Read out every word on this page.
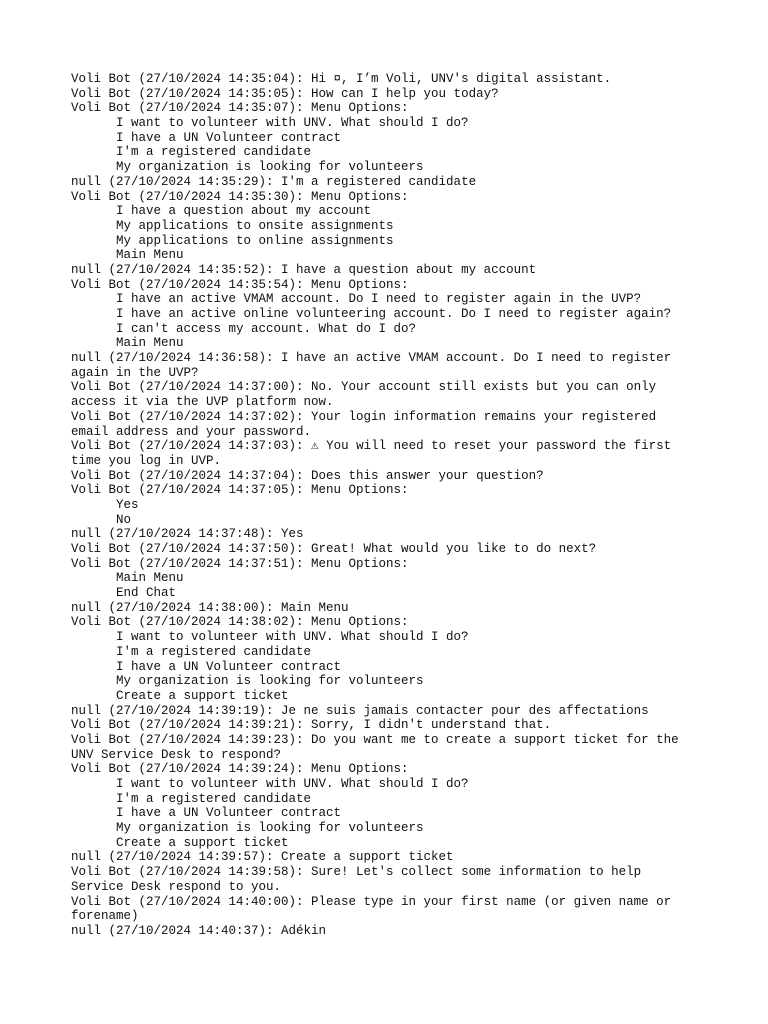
Voli Bot (27/10/2024 14:35:04): Hi ¤, I’m Voli, UNV's digital assistant.
Voli Bot (27/10/2024 14:35:05): How can I help you today?
Voli Bot (27/10/2024 14:35:07): Menu Options:
I want to volunteer with UNV. What should I do?
I have a UN Volunteer contract
I'm a registered candidate
My organization is looking for volunteers
null (27/10/2024 14:35:29): I'm a registered candidate
Voli Bot (27/10/2024 14:35:30): Menu Options:
I have a question about my account
My applications to onsite assignments
My applications to online assignments
Main Menu
null (27/10/2024 14:35:52): I have a question about my account
Voli Bot (27/10/2024 14:35:54): Menu Options:
I have an active VMAM account. Do I need to register again in the UVP?
I have an active online volunteering account. Do I need to register again?
I can't access my account. What do I do?
Main Menu
null (27/10/2024 14:36:58): I have an active VMAM account. Do I need to register
again in the UVP?
Voli Bot (27/10/2024 14:37:00): No. Your account still exists but you can only
access it via the UVP platform now.
Voli Bot (27/10/2024 14:37:02): Your login information remains your registered
email address and your password.
Voli Bot (27/10/2024 14:37:03): ⚠ You will need to reset your password the first
time you log in UVP.
Voli Bot (27/10/2024 14:37:04): Does this answer your question?
Voli Bot (27/10/2024 14:37:05): Menu Options:
Yes
No
null (27/10/2024 14:37:48): Yes
Voli Bot (27/10/2024 14:37:50): Great! What would you like to do next?
Voli Bot (27/10/2024 14:37:51): Menu Options:
Main Menu
End Chat
null (27/10/2024 14:38:00): Main Menu
Voli Bot (27/10/2024 14:38:02): Menu Options:
I want to volunteer with UNV. What should I do?
I'm a registered candidate
I have a UN Volunteer contract
My organization is looking for volunteers
Create a support ticket
null (27/10/2024 14:39:19): Je ne suis jamais contacter pour des affectations
Voli Bot (27/10/2024 14:39:21): Sorry, I didn't understand that.
Voli Bot (27/10/2024 14:39:23): Do you want me to create a support ticket for the
UNV Service Desk to respond?
Voli Bot (27/10/2024 14:39:24): Menu Options:
I want to volunteer with UNV. What should I do?
I'm a registered candidate
I have a UN Volunteer contract
My organization is looking for volunteers
Create a support ticket
null (27/10/2024 14:39:57): Create a support ticket
Voli Bot (27/10/2024 14:39:58): Sure! Let's collect some information to help
Service Desk respond to you.
Voli Bot (27/10/2024 14:40:00): Please type in your first name (or given name or
forename)
null (27/10/2024 14:40:37): Adékin
